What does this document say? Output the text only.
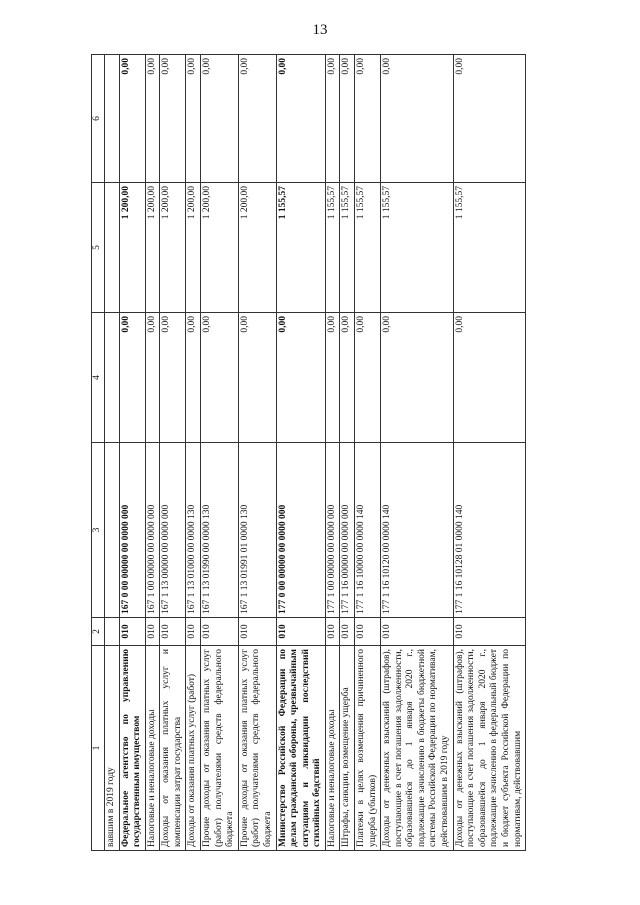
13
1	2	3	4	5	6
вавшим в 2019 году					
Федеральное агентство по управлению государственным имуществом	010	167 0 00 00000 00 0000 000	0,00	1 200,00	0,00
Налоговые и неналоговые доходы	010	167 1 00 00000 00 0000 000	0,00	1 200,00	0,00
Доходы от оказания платных услуг и компенсации затрат государства	010	167 1 13 00000 00 0000 000	0,00	1 200,00	0,00
Доходы от оказания платных услуг (работ)	010	167 1 13 01000 00 0000 130	0,00	1 200,00	0,00
Прочие доходы от оказания платных услуг (работ) получателями средств федерального бюджета	010	167 1 13 01990 00 0000 130	0,00	1 200,00	0,00
Прочие доходы от оказания платных услуг (работ) получателями средств федерального бюджета	010	167 1 13 01991 01 0000 130	0,00	1 200,00	0,00
Министерство Российской Федерации по делам гражданской обороны, чрезвычайным ситуациям и ликвидации последствий стихийных бедствий	010	177 0 00 00000 00 0000 000	0,00	1 155,57	0,00
Налоговые и неналоговые доходы	010	177 1 00 00000 00 0000 000	0,00	1 155,57	0,00
Штрафы, санкции, возмещение ущерба	010	177 1 16 00000 00 0000 000	0,00	1 155,57	0,00
Платежи в целях возмещения причиненного ущерба (убытков)	010	177 1 16 10000 00 0000 140	0,00	1 155,57	0,00
Доходы от денежных взысканий (штрафов), поступающие в счет погашения задолженности, образовавшейся до 1 января 2020 г., подлежащие зачислению в бюджеты бюджетной системы Российской Федерации по нормативам, действовавшим в 2019 году	010	177 1 16 10120 00 0000 140	0,00	1 155,57	0,00
Доходы от денежных взысканий (штрафов), поступающие в счет погашения задолженности, образовавшейся до 1 января 2020 г., подлежащие зачислению в федеральный бюджет и бюджет субъекта Российской Федерации по нормативам, действовавшим	010	177 1 16 10128 01 0000 140	0,00	1 155,57	0,00
